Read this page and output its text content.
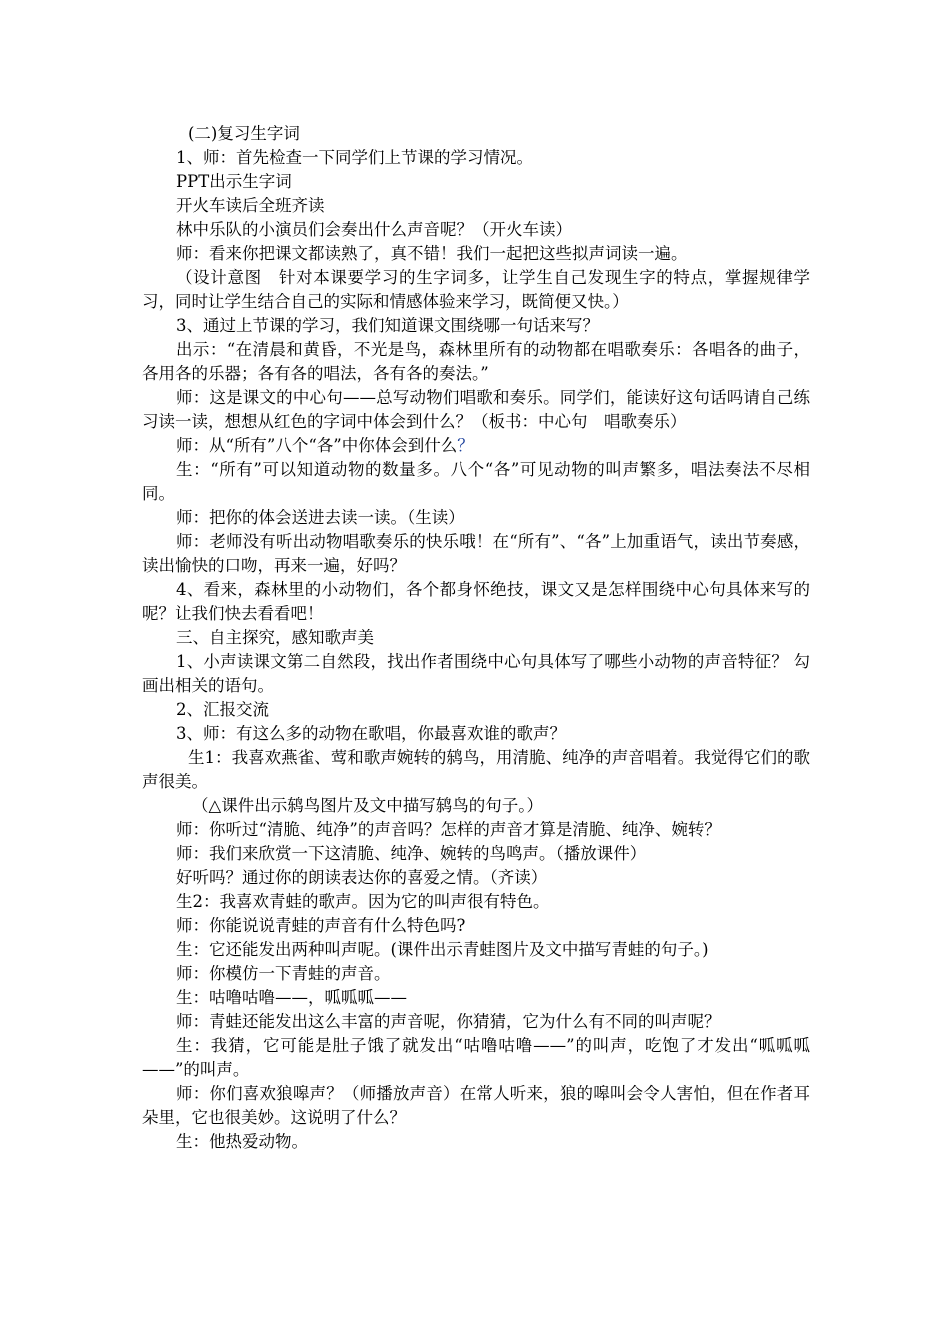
(二)复习生字词

1、师：首先检查一下同学们上节课的学习情况。

PPT出示生字词

开火车读后全班齐读

林中乐队的小演员们会奏出什么声音呢？（开火车读）

师：看来你把课文都读熟了，真不错！我们一起把这些拟声词读一遍。

（设计意图　针对本课要学习的生字词多，让学生自己发现生字的特点，掌握规律学习，同时让学生结合自己的实际和情感体验来学习，既简便又快。）

3、通过上节课的学习，我们知道课文围绕哪一句话来写？

出示：“在清晨和黄昏，不光是鸟，森林里所有的动物都在唱歌奏乐：各唱各的曲子，各用各的乐器；各有各的唱法，各有各的奏法。”

师：这是课文的中心句——总写动物们唱歌和奏乐。同学们，能读好这句话吗请自己练习读一读，想想从红色的字词中体会到什么？（板书：中心句　唱歌奏乐）

师：从“所有”八个“各”中你体会到什么？

生：“所有”可以知道动物的数量多。八个“各”可见动物的叫声繁多，唱法奏法不尽相同。

师：把你的体会送进去读一读。（生读）

师：老师没有听出动物唱歌奏乐的快乐哦！在“所有”、“各”上加重语气，读出节奏感，读出愉快的口吻，再来一遍，好吗？

4、看来，森林里的小动物们，各个都身怀绝技，课文又是怎样围绕中心句具体来写的呢？让我们快去看看吧！

三、自主探究，感知歌声美

1、小声读课文第二自然段，找出作者围绕中心句具体写了哪些小动物的声音特征？ 勾画出相关的语句。

2、汇报交流

3、师：有这么多的动物在歌唱，你最喜欢谁的歌声？

生1：我喜欢燕雀、莺和歌声婉转的鸫鸟，用清脆、纯净的声音唱着。我觉得它们的歌声很美。

（△课件出示鸫鸟图片及文中描写鸫鸟的句子。）

师：你听过“清脆、纯净”的声音吗？怎样的声音才算是清脆、纯净、婉转？

师：我们来欣赏一下这清脆、纯净、婉转的鸟鸣声。（播放课件）

好听吗？通过你的朗读表达你的喜爱之情。（齐读）

生2：我喜欢青蛙的歌声。因为它的叫声很有特色。

师：你能说说青蛙的声音有什么特色吗?

生：它还能发出两种叫声呢。(课件出示青蛙图片及文中描写青蛙的句子。)

师：你模仿一下青蛙的声音。

生：咕噜咕噜——，呱呱呱——

师：青蛙还能发出这么丰富的声音呢，你猜猜，它为什么有不同的叫声呢？

生：我猜，它可能是肚子饿了就发出“咕噜咕噜——”的叫声，吃饱了才发出“呱呱呱——”的叫声。

师：你们喜欢狼嗥声？（师播放声音）在常人听来，狼的嗥叫会令人害怕，但在作者耳朵里，它也很美妙。这说明了什么？

生：他热爱动物。
